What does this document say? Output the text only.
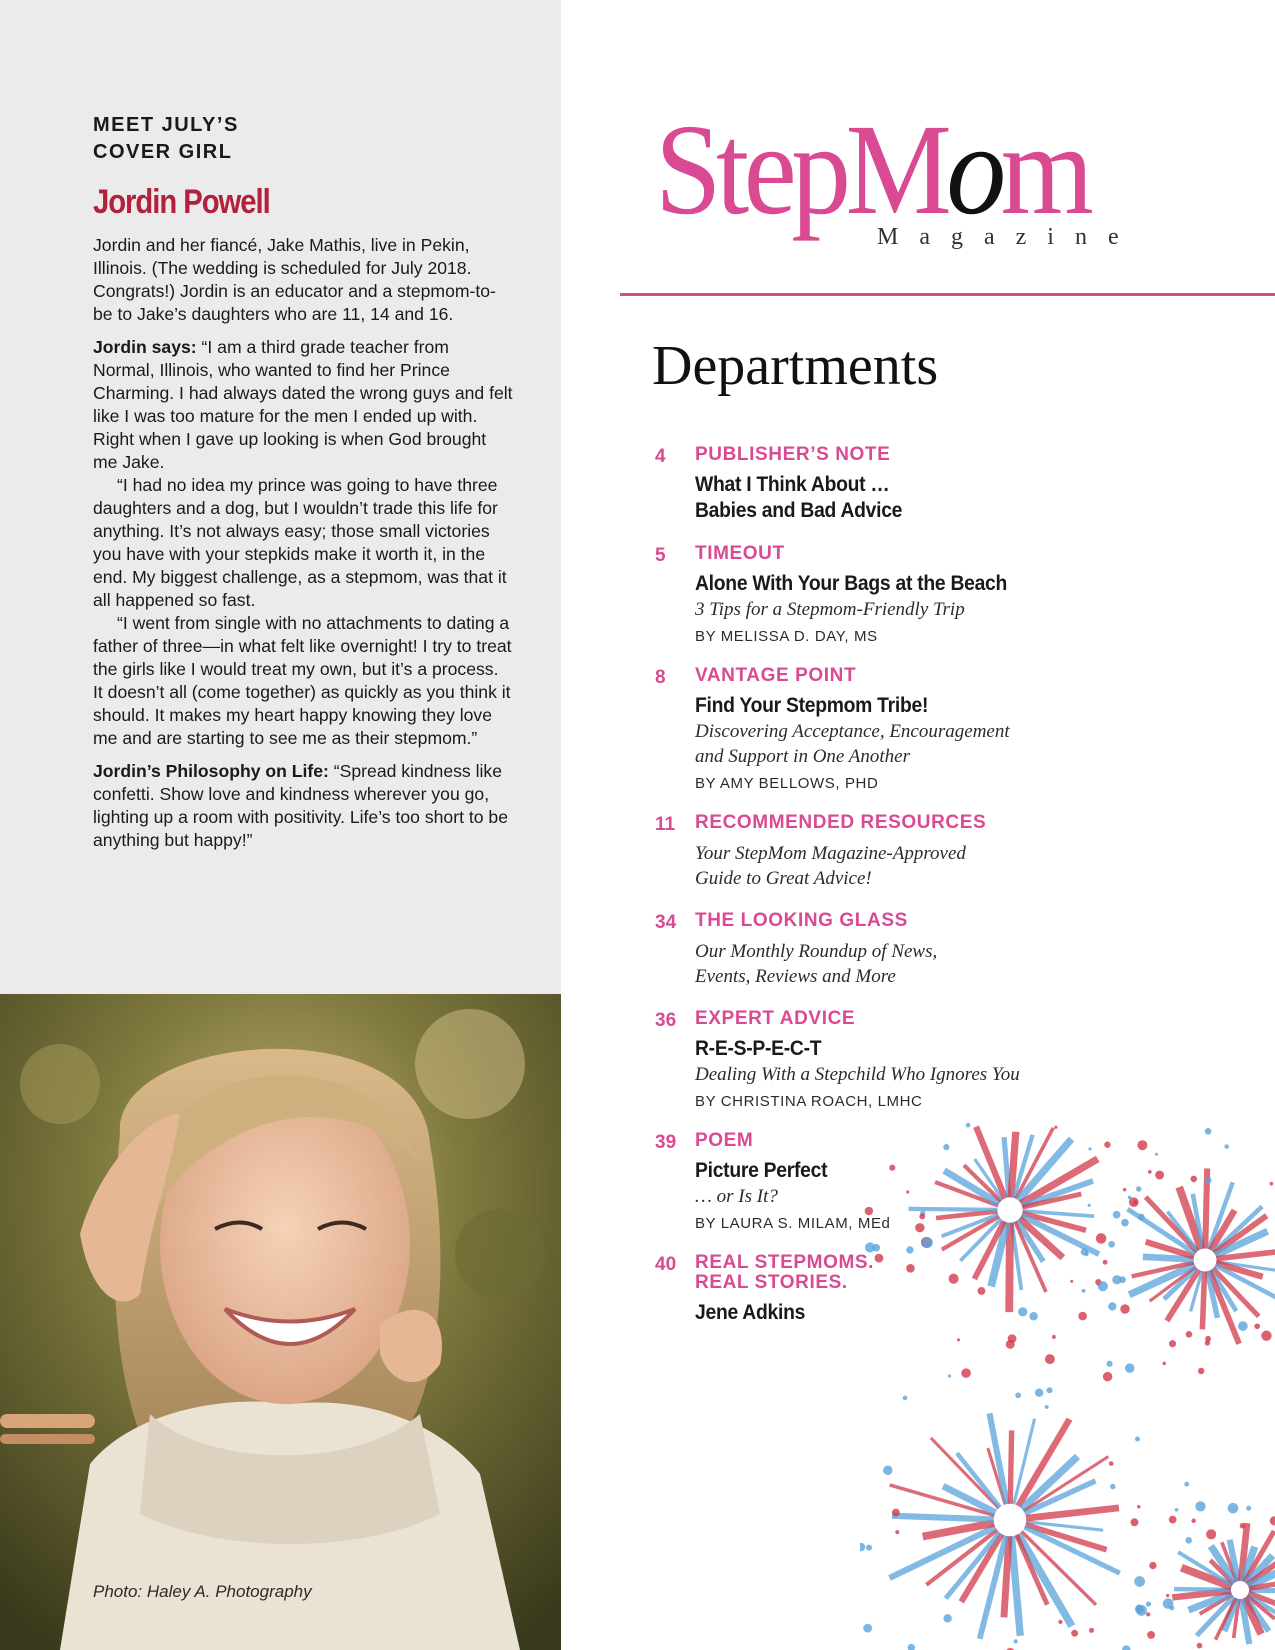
MEET JULY’S
COVER GIRL
Jordin Powell
Jordin and her fiancé, Jake Mathis, live in Pekin, Illinois. (The wedding is scheduled for July 2018. Congrats!) Jordin is an educator and a stepmom-to-be to Jake’s daughters who are 11, 14 and 16.

Jordin says: “I am a third grade teacher from Normal, Illinois, who wanted to find her Prince Charming. I had always dated the wrong guys and felt like I was too mature for the men I ended up with. Right when I gave up looking is when God brought me Jake.

“I had no idea my prince was going to have three daughters and a dog, but I wouldn’t trade this life for anything. It’s not always easy; those small victories you have with your stepkids make it worth it, in the end. My biggest challenge, as a stepmom, was that it all happened so fast.

“I went from single with no attachments to dating a father of three—in what felt like overnight! I try to treat the girls like I would treat my own, but it’s a process. It doesn’t all (come together) as quickly as you think it should. It makes my heart happy knowing they love me and are starting to see me as their stepmom.”

Jordin’s Philosophy on Life: “Spread kindness like confetti. Show love and kindness wherever you go, lighting up a room with positivity. Life’s too short to be anything but happy!”

Photo: Haley A. Photography
StepMom
Magazine
Departments
4 PUBLISHER’S NOTE
What I Think About …
Babies and Bad Advice
5 TIMEOUT
Alone With Your Bags at the Beach
3 Tips for a Stepmom-Friendly Trip
BY MELISSA D. DAY, MS
8 VANTAGE POINT
Find Your Stepmom Tribe!
Discovering Acceptance, Encouragement
and Support in One Another
BY AMY BELLOWS, PHD
11 RECOMMENDED RESOURCES
Your StepMom Magazine-Approved
Guide to Great Advice!
34 THE LOOKING GLASS
Our Monthly Roundup of News,
Events, Reviews and More
36 EXPERT ADVICE
R-E-S-P-E-C-T
Dealing With a Stepchild Who Ignores You
BY CHRISTINA ROACH, LMHC
39 POEM
Picture Perfect
… or Is It?
BY LAURA S. MILAM, MEd
40 REAL STEPMOMS.
REAL STORIES.
Jene Adkins
